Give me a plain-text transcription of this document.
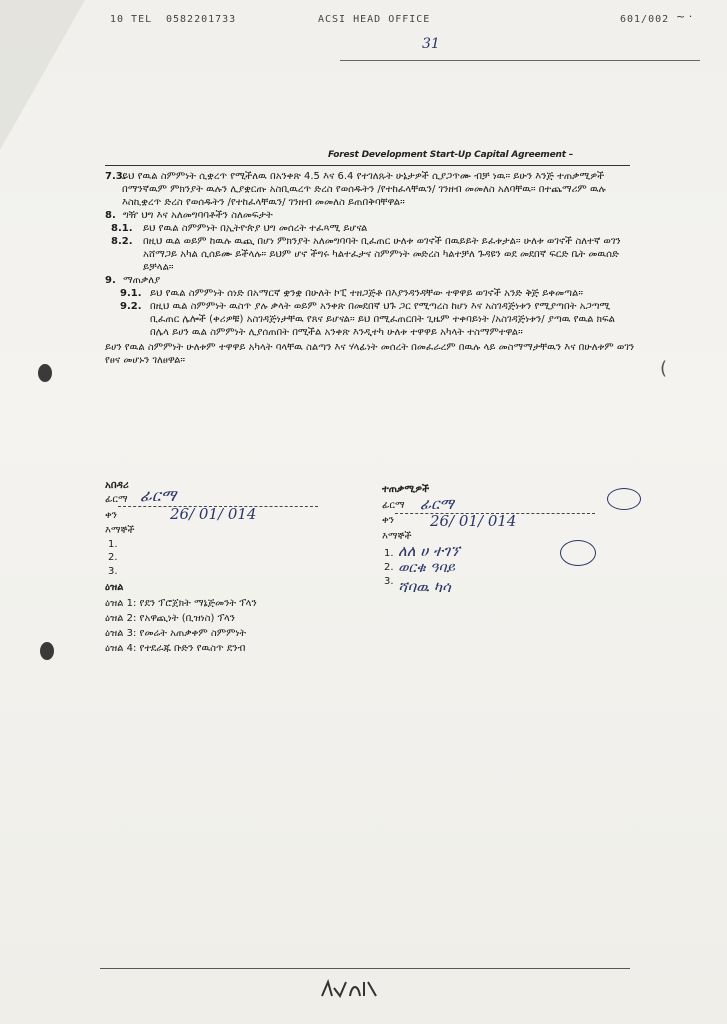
10 TEL 0582201733	ACSI HEAD OFFICE	601/002
31
~ ·
(
Forest Development Start-Up Capital Agreement –
7.3.
ይህ የዉል ስምምነት ሲቋረጥ የሚችለዉ በአንቀጽ 4.5 እና 6.4 የተገለጹት ሁኔታዎች ሲያጋጥሙ ብቻ ነዉ። ይሁን እንጅ ተጠቃሚዎች በማንኛዉም ምክንያት ዉሉን ሊያቋርጡ አስቢዉረጥ ድረስ የወሰዱትን /የተከፈላቸዉን/ ገንዘብ መመለስ አለባቸዉ። በተጨማሪም ዉሉ እስኪቋረጥ ድረስ የወሰዱትን /የተከፈላቸዉን/ ገንዘብ መመለስ ይጠበቅባቸዋል።
8. ግዥ ህግ እና አለመግባባቶችን ስለመፍታት
8.1.	ይህ የዉል ስምምነት በኢትዮጵያ ህግ መሰረት ተፈጻሚ ይሆናል
8.2.	በዚህ ዉል ወይም ከዉሉ ዉጪ በሆነ ምክንያት አለመግባባት ቢፈጠር ሁለቱ ወገኖች በዉይይት ይፈቱታል። ሁለቱ ወገኖች ስለተኛ ወገን አሸማጋይ አካል ሲሰይሙ ይችላሉ። ይህም ሆኖ ችግሩ ካልተፈታና ስምምነት መድረስ ካልተቻለ ጉዳዩን ወደ መደበኛ ፍርድ ቤት መዉሰድ ይቻላል።
9. ማጠቃለያ
9.1. ይህ የዉል ስምምነት ሰነድ በአማርኛ ቋንቋ በሁለት ኮፒ ተዘጋጅቶ በእያንዳንዳቸው ተዋዋይ ወገኖች አንድ ቅጅ ይቀመጣል።
9.2. በዚህ ዉል ስምምነት ዉስጥ ያሉ ቃላት ወይም አንቀጽ በመደበኛ ህጉ ጋር የሚጣረስ ከሆነ እና አስገዳጅነቱን የሚያጣበት አጋጣሚ ቢፈጠር ሌሎች (ቀሪዎቹ) አስገዳጅነታቸዉ የጸና ይሆናል። ይህ በሚፈጠርበት ጊዜም ተቀባይነት /አስገዳጅነቱን/ ያጣዉ የዉል ክፍል በሌላ ይሀን ዉል ስምምነት ሊያሰጠበት በሚችል አንቀጽ እንዲተካ ሁለቱ ተዋዋይ አካላት ተስማምተዋል።

ይሀን የዉል ስምምነት ሁለቱም ተዋዋይ አካላት ባላቸዉ ስልጣን እና ሃላፊነት መሰረት በመፈራረም በዉሉ ላይ መስማማታቸዉን እና በሁለቱም ወገን የፀና መሆኑን ገለፀዋል።

አበዳሪ
ፊርማ ፊርማ
ቀን	26/ 01/ 014
እማኞች
1.
2.
3.
ተጠቃሚዎች
ፊርማ ፊርማ
ቀን 26/ 01/ 014
እማኞች
1.
2.
3.
ለለ ሀ ተገኘ
ወርቁ ዓባይ
ሻባዉ ካሳ
ዕዝል
ዕዝል 1: የደን ፕሮጀክት ማኔጅመንት ፕላን
ዕዝል 2: የአዋጪነት (ቢዝነስ) ፕላን
ዕዝል 3: የመሬት አጠቃቀም ስምምነት
ዕዝል 4: የተደራጁ ቡድን የዉስጥ ደንብ
